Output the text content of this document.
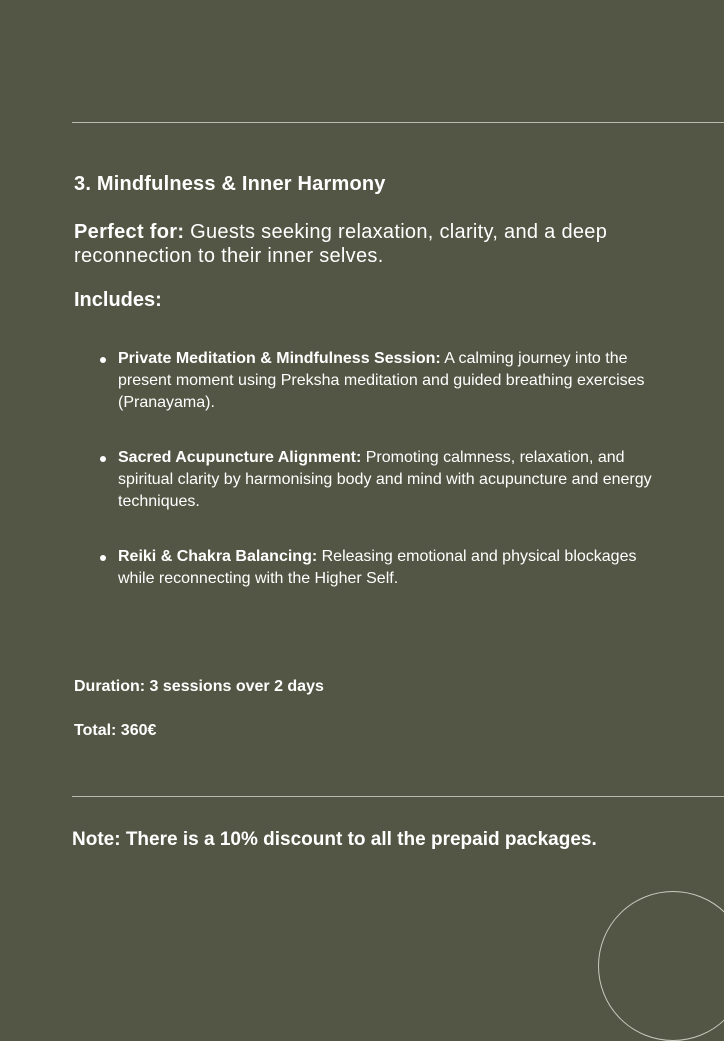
3. Mindfulness & Inner Harmony
Perfect for: Guests seeking relaxation, clarity, and a deep reconnection to their inner selves.
Includes:
Private Meditation & Mindfulness Session: A calming journey into the present moment using Preksha meditation and guided breathing exercises (Pranayama).
Sacred Acupuncture Alignment: Promoting calmness, relaxation, and spiritual clarity by harmonising body and mind with acupuncture and energy techniques.
Reiki & Chakra Balancing: Releasing emotional and physical blockages while reconnecting with the Higher Self.
Duration: 3 sessions over 2 days
Total: 360€
Note: There is a 10% discount to all the prepaid packages.
